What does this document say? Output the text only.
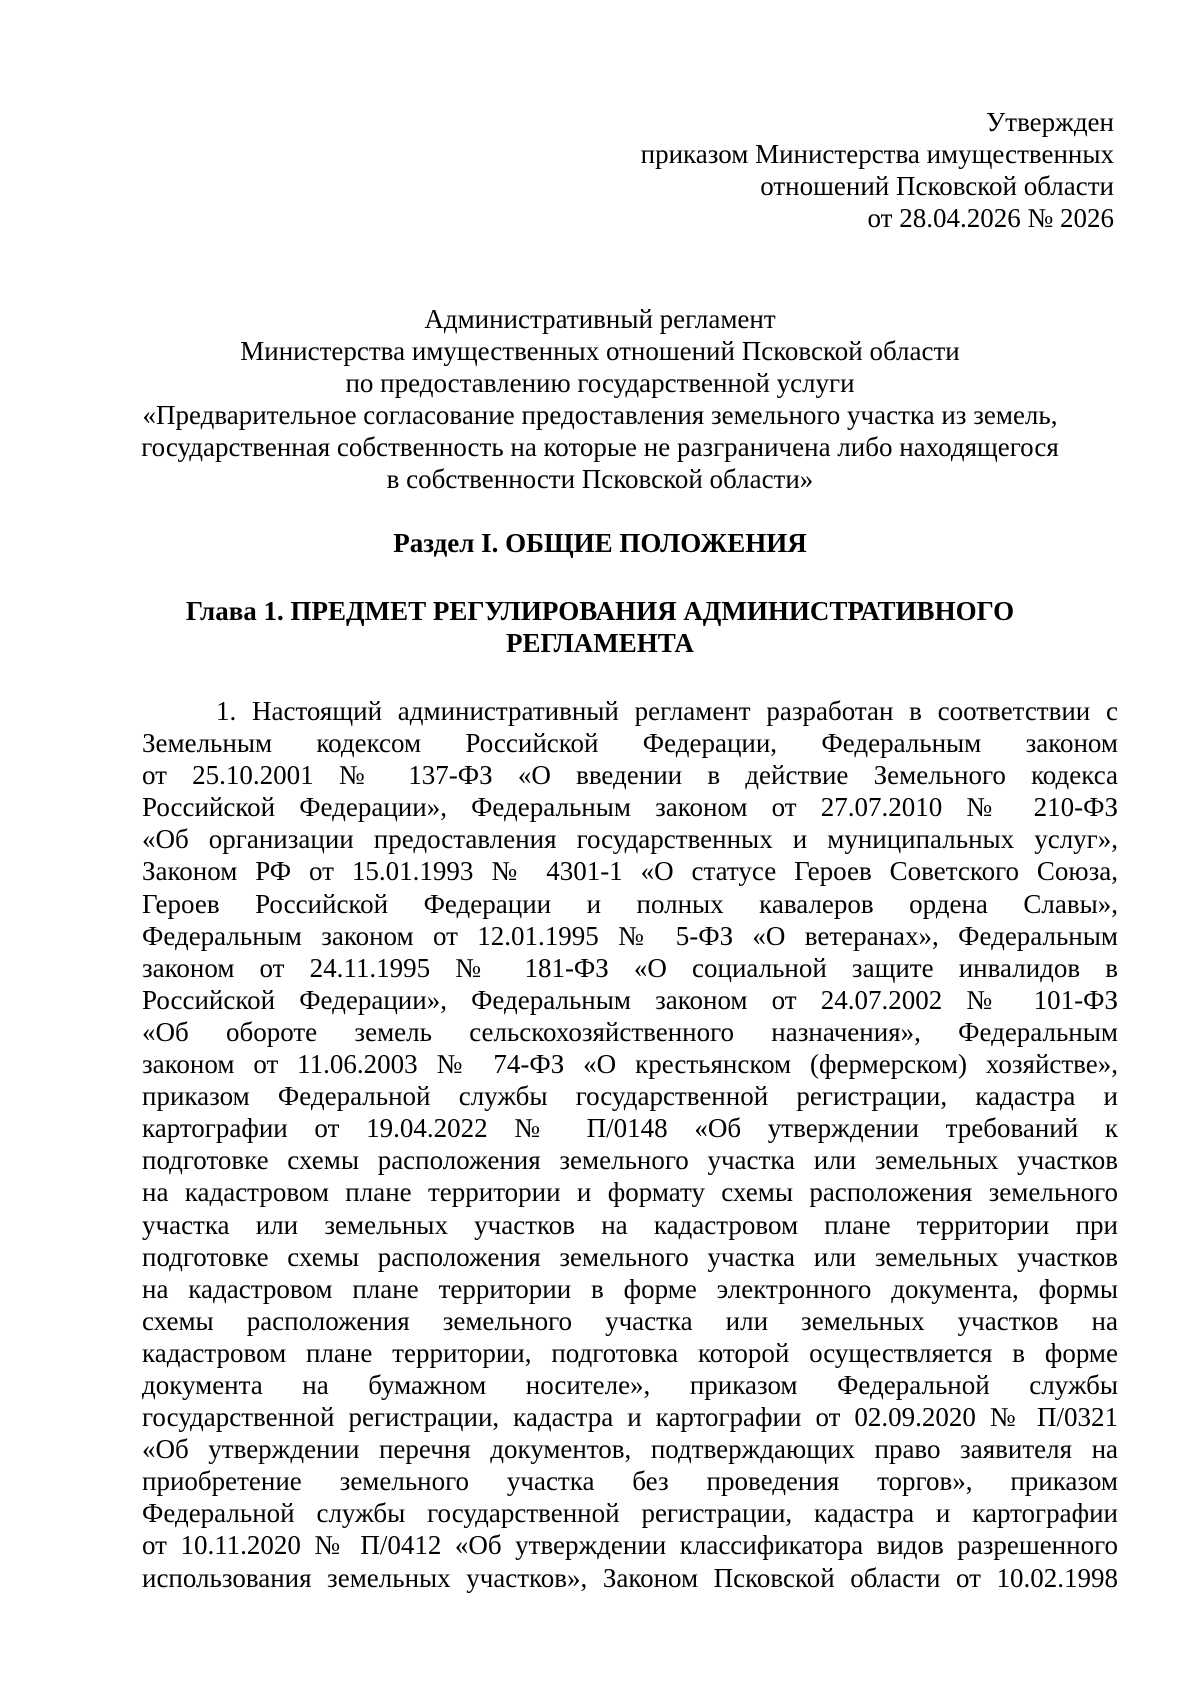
Утвержден
приказом Министерства имущественных
отношений Псковской области
от 28.04.2026 № 2026
Административный регламент
Министерства имущественных отношений Псковской области
по предоставлению государственной услуги
«Предварительное согласование предоставления земельного участка из земель,
государственная собственность на которые не разграничена либо находящегося
в собственности Псковской области»
Раздел I. ОБЩИЕ ПОЛОЖЕНИЯ
Глава 1. ПРЕДМЕТ РЕГУЛИРОВАНИЯ АДМИНИСТРАТИВНОГО
РЕГЛАМЕНТА
1. Настоящий административный регламент разработан в соответствии с
Земельным кодексом Российской Федерации, Федеральным законом
от 25.10.2001 № 137-ФЗ «О введении в действие Земельного кодекса
Российской Федерации», Федеральным законом от 27.07.2010 № 210-ФЗ
«Об организации предоставления государственных и муниципальных услуг»,
Законом РФ от 15.01.1993 № 4301-1 «О статусе Героев Советского Союза,
Героев Российской Федерации и полных кавалеров ордена Славы»,
Федеральным законом от 12.01.1995 № 5-ФЗ «О ветеранах», Федеральным
законом от 24.11.1995 № 181-ФЗ «О социальной защите инвалидов в
Российской Федерации», Федеральным законом от 24.07.2002 № 101-ФЗ
«Об обороте земель сельскохозяйственного назначения», Федеральным
законом от 11.06.2003 № 74-ФЗ «О крестьянском (фермерском) хозяйстве»,
приказом Федеральной службы государственной регистрации, кадастра и
картографии от 19.04.2022 № П/0148 «Об утверждении требований к
подготовке схемы расположения земельного участка или земельных участков
на кадастровом плане территории и формату схемы расположения земельного
участка или земельных участков на кадастровом плане территории при
подготовке схемы расположения земельного участка или земельных участков
на кадастровом плане территории в форме электронного документа, формы
схемы расположения земельного участка или земельных участков на
кадастровом плане территории, подготовка которой осуществляется в форме
документа на бумажном носителе», приказом Федеральной службы
государственной регистрации, кадастра и картографии от 02.09.2020 № П/0321
«Об утверждении перечня документов, подтверждающих право заявителя на
приобретение земельного участка без проведения торгов», приказом
Федеральной службы государственной регистрации, кадастра и картографии
от 10.11.2020 № П/0412 «Об утверждении классификатора видов разрешенного
использования земельных участков», Законом Псковской области от 10.02.1998
